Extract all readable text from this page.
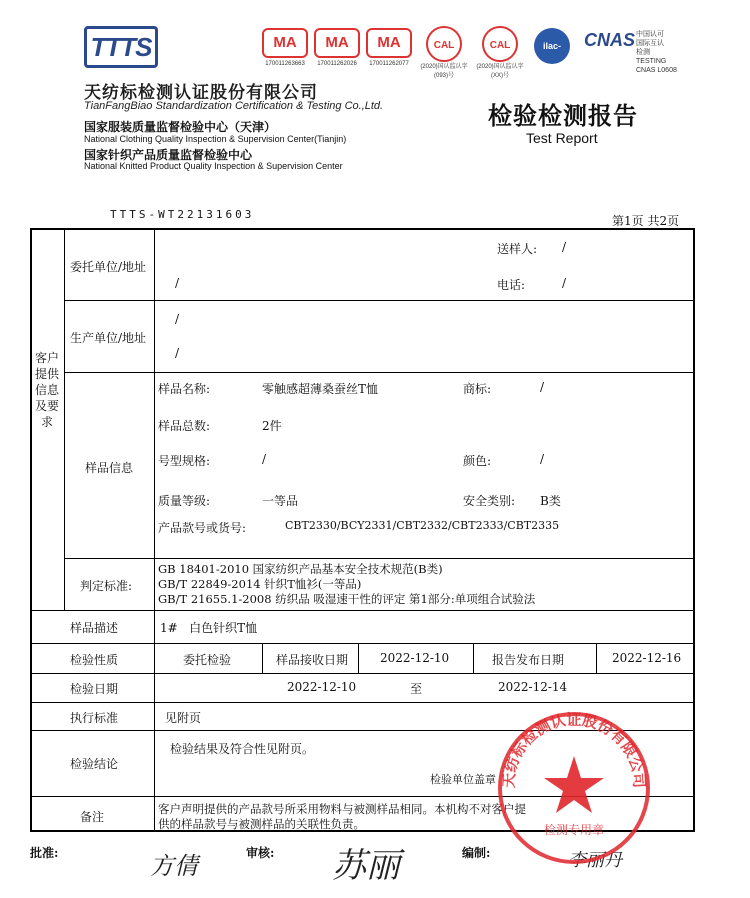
TTTS
天纺标检测认证股份有限公司
TianFangBiao Standardization Certification & Testing Co.,Ltd.
国家服装质量监督检验中心（天津）
National Clothing Quality Inspection & Supervision Center(Tianjin)
国家针织产品质量监督检验中心
National Knitted Product Quality Inspection & Supervision Center
TTTS-WT22131603
检验检测报告
Test Report
第1页 共2页
MA
170011263663
MA
170011262026
MA
170011262077
CAL
(2020)国认监认字(093)号
CAL
(2020)国认监认字(XX)号
ilac-MRA
CNAS 中国认可
国际互认
检测
TESTING
CNAS L0608
客户提供信息及要求
委托单位/地址
/
送样人: /
电话:	/
生产单位/地址
/
/
样品信息
样品名称:	零触感超薄桑蚕丝T恤	商标:	/
样品总数:	2件
号型规格:	/	颜色:	/
质量等级:	一等品	安全类别: B类
产品款号或货号:	CBT2330/BCY2331/CBT2332/CBT2333/CBT2335
判定标准:
GB 18401-2010 国家纺织产品基本安全技术规范(B类)
GB/T 22849-2014 针织T恤衫(一等品)
GB/T 21655.1-2008 纺织品 吸湿速干性的评定 第1部分:单项组合试验法
样品描述	1#   白色针织T恤
检验性质	委托检验	样品接收日期	2022-12-10	报告发布日期	2022-12-16
检验日期	2022-12-10	至	2022-12-14
执行标准	见附页
检验结论
检验结果及符合性见附页。
检验单位盖章
备注
客户声明提供的产品款号所采用物料与被测样品相同。本机构不对客户提
供的样品款号与被测样品的关联性负责。
批准:	方倩	审核: 苏丽	编制:	李丽丹
天纺标检测认证股份有限公司
检测专用章
